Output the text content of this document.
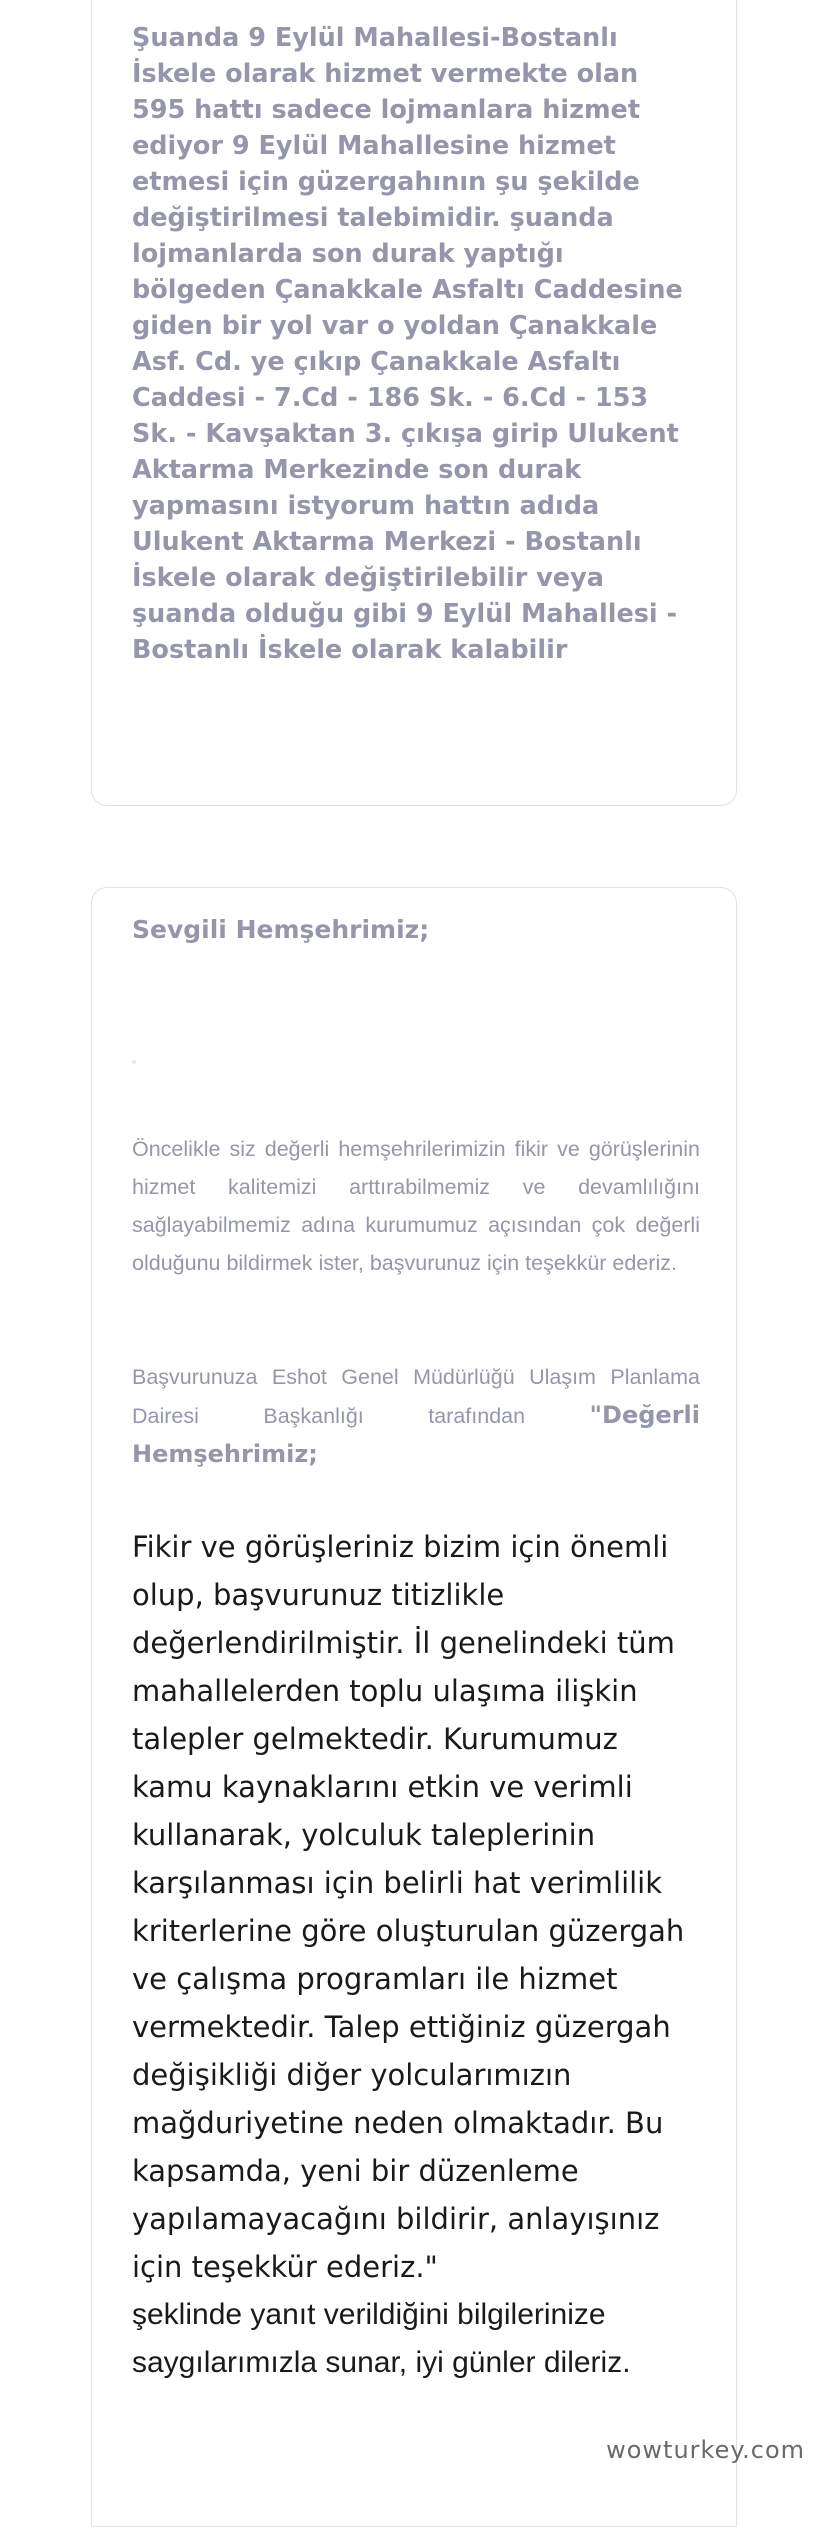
Şuanda 9 Eylül Mahallesi-Bostanlı İskele olarak hizmet vermekte olan 595 hattı sadece lojmanlara hizmet ediyor 9 Eylül Mahallesine hizmet etmesi için güzergahının şu şekilde değiştirilmesi talebimidir. şuanda lojmanlarda son durak yaptığı bölgeden Çanakkale Asfaltı Caddesine giden bir yol var o yoldan Çanakkale Asf. Cd. ye çıkıp Çanakkale Asfaltı Caddesi - 7.Cd - 186 Sk. - 6.Cd - 153 Sk. - Kavşaktan 3. çıkışa girip Ulukent Aktarma Merkezinde son durak yapmasını istyorum hattın adıda Ulukent Aktarma Merkezi - Bostanlı İskele olarak değiştirilebilir veya şuanda olduğu gibi 9 Eylül Mahallesi - Bostanlı İskele olarak kalabilir

Sevgili Hemşehrimiz;

Öncelikle siz değerli hemşehrilerimizin fikir ve görüşlerinin hizmet kalitemizi arttırabilmemiz ve devamlılığını sağlayabilmemiz adına kurumumuz açısından çok değerli olduğunu bildirmek ister, başvurunuz için teşekkür ederiz.

Başvurunuza Eshot Genel Müdürlüğü Ulaşım Planlama Dairesi Başkanlığı tarafından "Değerli Hemşehrimiz;

Fikir ve görüşleriniz bizim için önemli olup, başvurunuz titizlikle değerlendirilmiştir. İl genelindeki tüm mahallelerden toplu ulaşıma ilişkin talepler gelmektedir. Kurumumuz kamu kaynaklarını etkin ve verimli kullanarak, yolculuk taleplerinin karşılanması için belirli hat verimlilik kriterlerine göre oluşturulan güzergah ve çalışma programları ile hizmet vermektedir. Talep ettiğiniz güzergah değişikliği diğer yolcularımızın mağduriyetine neden olmaktadır. Bu kapsamda, yeni bir düzenleme yapılamayacağını bildirir, anlayışınız için teşekkür ederiz."

şeklinde yanıt verildiğini bilgilerinize saygılarımızla sunar, iyi günler dileriz.

wowturkey.com
